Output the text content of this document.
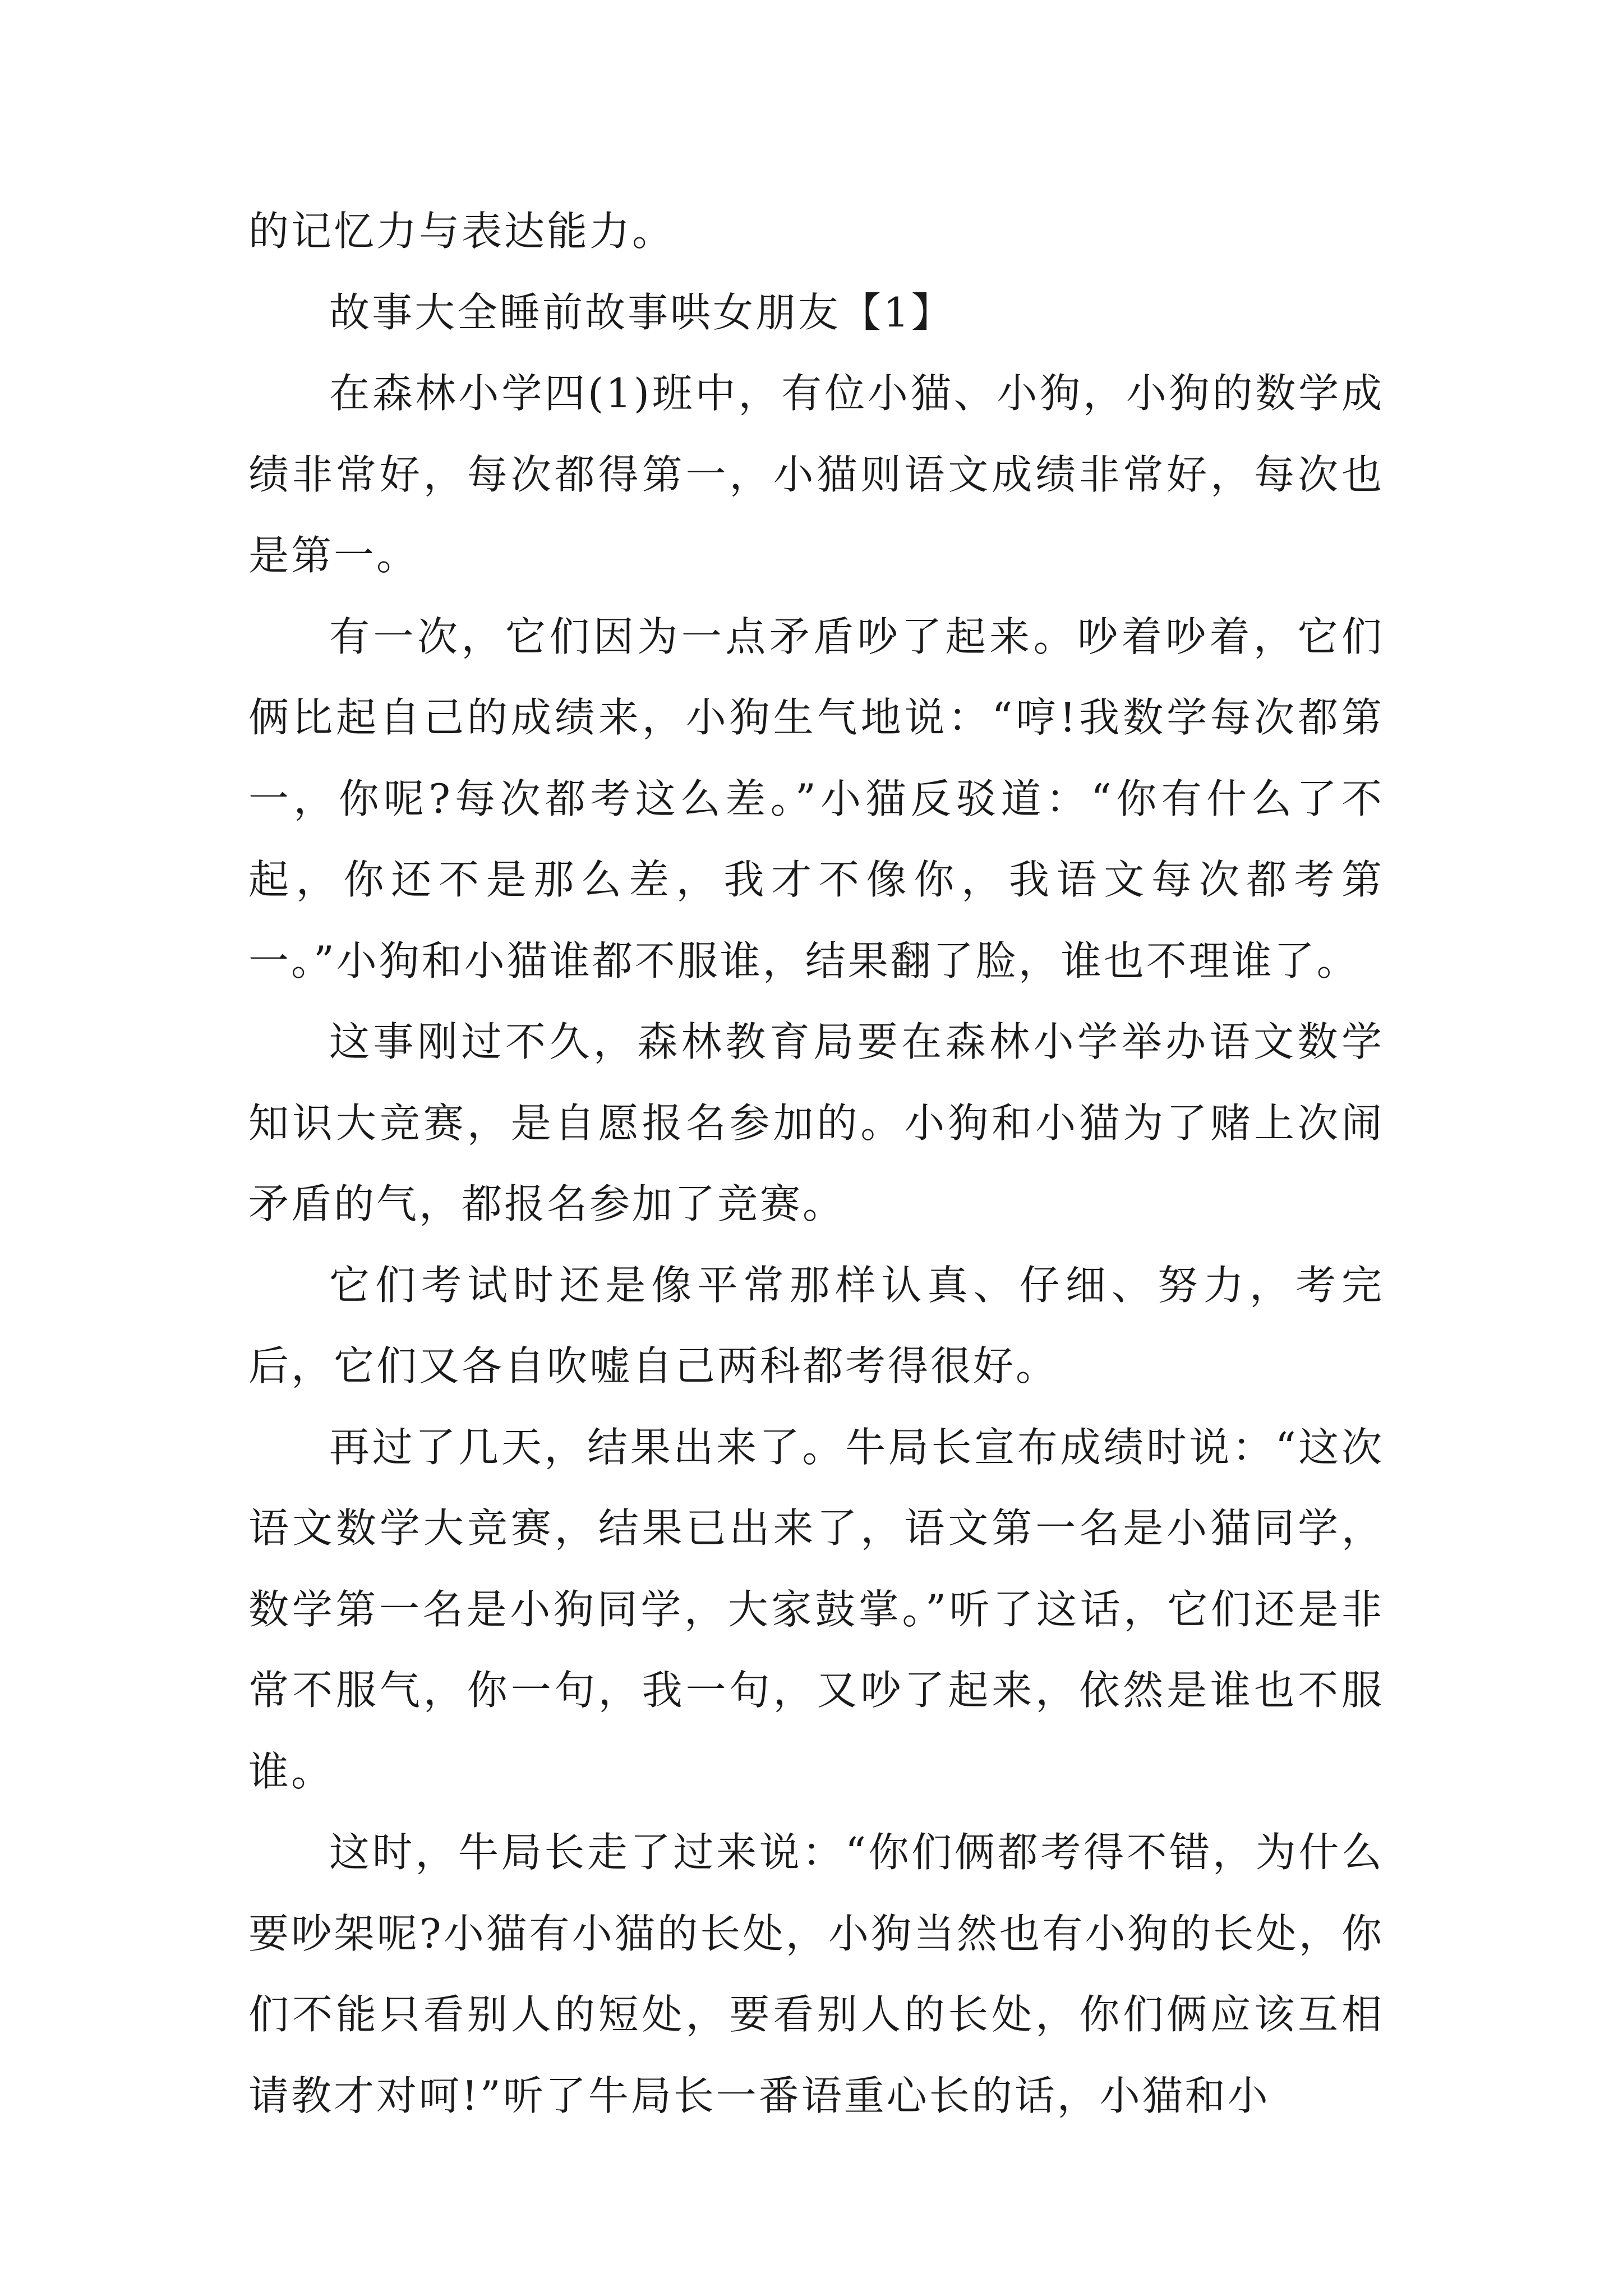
的记忆力与表达能力。

故事大全睡前故事哄女朋友【1】

在森林小学四(1)班中，有位小猫、小狗，小狗的数学成绩非常好，每次都得第一，小猫则语文成绩非常好，每次也是第一。

有一次，它们因为一点矛盾吵了起来。吵着吵着，它们俩比起自己的成绩来，小狗生气地说：“哼!我数学每次都第一，你呢?每次都考这么差。”小猫反驳道：“你有什么了不起，你还不是那么差，我才不像你，我语文每次都考第一。”小狗和小猫谁都不服谁，结果翻了脸，谁也不理谁了。

这事刚过不久，森林教育局要在森林小学举办语文数学知识大竞赛，是自愿报名参加的。小狗和小猫为了赌上次闹矛盾的气，都报名参加了竞赛。

它们考试时还是像平常那样认真、仔细、努力，考完后，它们又各自吹嘘自己两科都考得很好。

再过了几天，结果出来了。牛局长宣布成绩时说：“这次语文数学大竞赛，结果已出来了，语文第一名是小猫同学，数学第一名是小狗同学，大家鼓掌。”听了这话，它们还是非常不服气，你一句，我一句，又吵了起来，依然是谁也不服谁。

这时，牛局长走了过来说：“你们俩都考得不错，为什么要吵架呢?小猫有小猫的长处，小狗当然也有小狗的长处，你们不能只看别人的短处，要看别人的长处，你们俩应该互相请教才对呵!”听了牛局长一番语重心长的话，小猫和小
